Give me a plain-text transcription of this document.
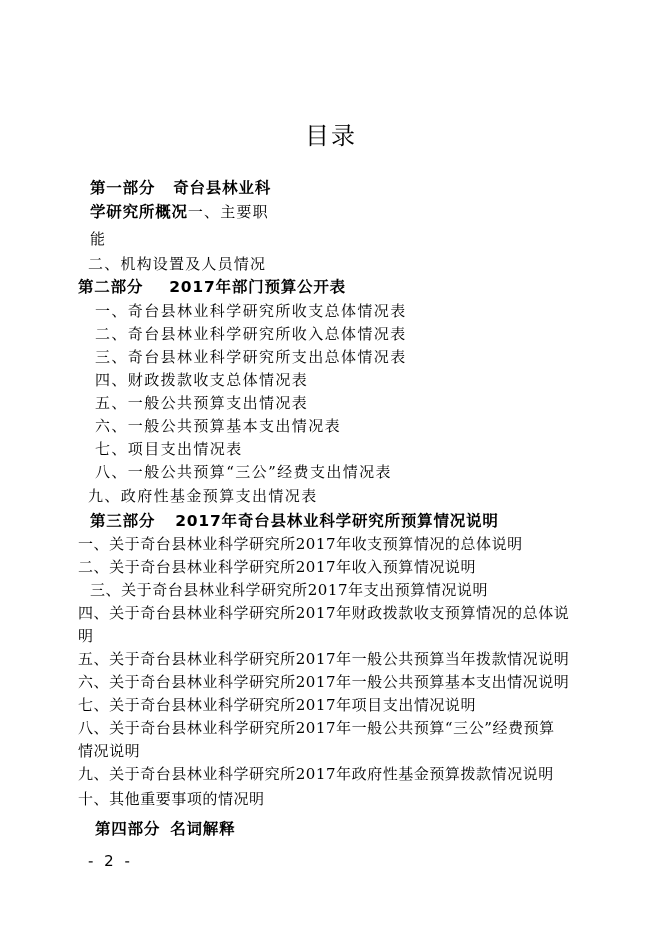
目录
第一部分 奇台县林业科
学研究所概况一、主要职
能
二、机构设置及人员情况
第二部分 2017年部门预算公开表
一、奇台县林业科学研究所收支总体情况表
二、奇台县林业科学研究所收入总体情况表
三、奇台县林业科学研究所支出总体情况表
四、财政拨款收支总体情况表
五、一般公共预算支出情况表
六、一般公共预算基本支出情况表
七、项目支出情况表
八、一般公共预算“三公”经费支出情况表
九、政府性基金预算支出情况表
第三部分 2017年奇台县林业科学研究所预算情况说明
一、关于奇台县林业科学研究所2017年收支预算情况的总体说明
二、关于奇台县林业科学研究所2017年收入预算情况说明
三、关于奇台县林业科学研究所2017年支出预算情况说明
四、关于奇台县林业科学研究所2017年财政拨款收支预算情况的总体说
明
五、关于奇台县林业科学研究所2017年一般公共预算当年拨款情况说明
六、关于奇台县林业科学研究所2017年一般公共预算基本支出情况说明
七、关于奇台县林业科学研究所2017年项目支出情况说明
八、关于奇台县林业科学研究所2017年一般公共预算“三公”经费预算
情况说明
九、关于奇台县林业科学研究所2017年政府性基金预算拨款情况说明
十、其他重要事项的情况明
第四部分 名词解释
- 2 -
